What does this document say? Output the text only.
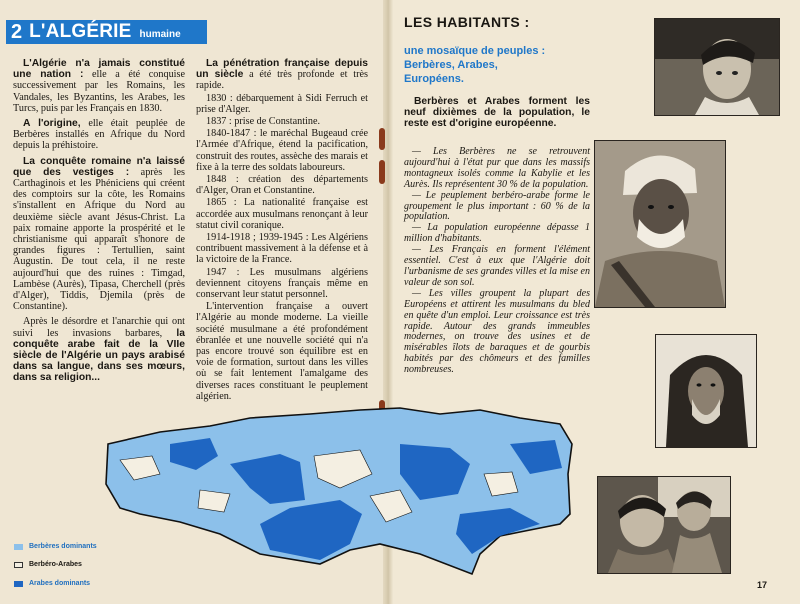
2 L'ALGÉRIE humaine

L'Algérie n'a jamais constitué une nation : elle a été conquise successivement par les Romains, les Vandales, les Byzantins, les Arabes, les Turcs, puis par les Français en 1830.

A l'origine, elle était peuplée de Berbères installés en Afrique du Nord depuis la préhistoire.

La conquête romaine n'a laissé que des vestiges : après les Carthaginois et les Phéniciens qui créent des comptoirs sur la côte, les Romains s'installent en Afrique du Nord au deuxième siècle avant Jésus-Christ. La paix romaine apporte la prospérité et le christianisme qui apparaît s'honore de grandes figures : Tertullien, saint Augustin. De tout cela, il ne reste aujourd'hui que des ruines : Timgad, Lambèse (Aurès), Tipasa, Cherchell (près d'Alger), Tiddis, Djemila (près de Constantine).

Après le désordre et l'anarchie qui ont suivi les invasions barbares, la conquête arabe fait de la VIIe siècle de l'Algérie un pays arabisé dans sa langue, dans ses mœurs, dans sa religion...

La pénétration française depuis un siècle a été très profonde et très rapide.

1830 : débarquement à Sidi Ferruch et prise d'Alger.

1837 : prise de Constantine.

1840-1847 : le maréchal Bugeaud crée l'Armée d'Afrique, étend la pacification, construit des routes, assèche des marais et fixe à la terre des soldats laboureurs.

1848 : création des départements d'Alger, Oran et Constantine.

1865 : La nationalité française est accordée aux musulmans renonçant à leur statut civil coranique.

1914-1918 ; 1939-1945 : Les Algériens contribuent massivement à la défense et à la victoire de la France.

1947 : Les musulmans algériens deviennent citoyens français même en conservant leur statut personnel.

L'intervention française a ouvert l'Algérie au monde moderne. La vieille société musulmane a été profondément ébranlée et une nouvelle société qui n'a pas encore trouvé son équilibre est en voie de formation, surtout dans les villes où se fait lentement l'amalgame des diverses races constituant le peuplement algérien.

Berbères dominants
Berbéro-Arabes
Arabes dominants
LES HABITANTS :
une mosaïque de peuples : Berbères, Arabes, Européens.
Berbères et Arabes forment les neuf dixièmes de la population, le reste est d'origine européenne.

— Les Berbères ne se retrouvent aujourd'hui à l'état pur que dans les massifs montagneux isolés comme la Kabylie et les Aurès. Ils représentent 30 % de la population.

— Le peuplement berbéro-arabe forme le groupement le plus important : 60 % de la population.

— La population européenne dépasse 1 million d'habitants.

— Les Français en forment l'élément essentiel. C'est à eux que l'Algérie doit l'urbanisme de ses grandes villes et la mise en valeur de son sol.

— Les villes groupent la plupart des Européens et attirent les musulmans du bled en quête d'un emploi. Leur croissance est très rapide. Autour des grands immeubles modernes, on trouve des usines et de misérables îlots de baraques et de gourbis habités par des chômeurs et des familles nombreuses.

17
